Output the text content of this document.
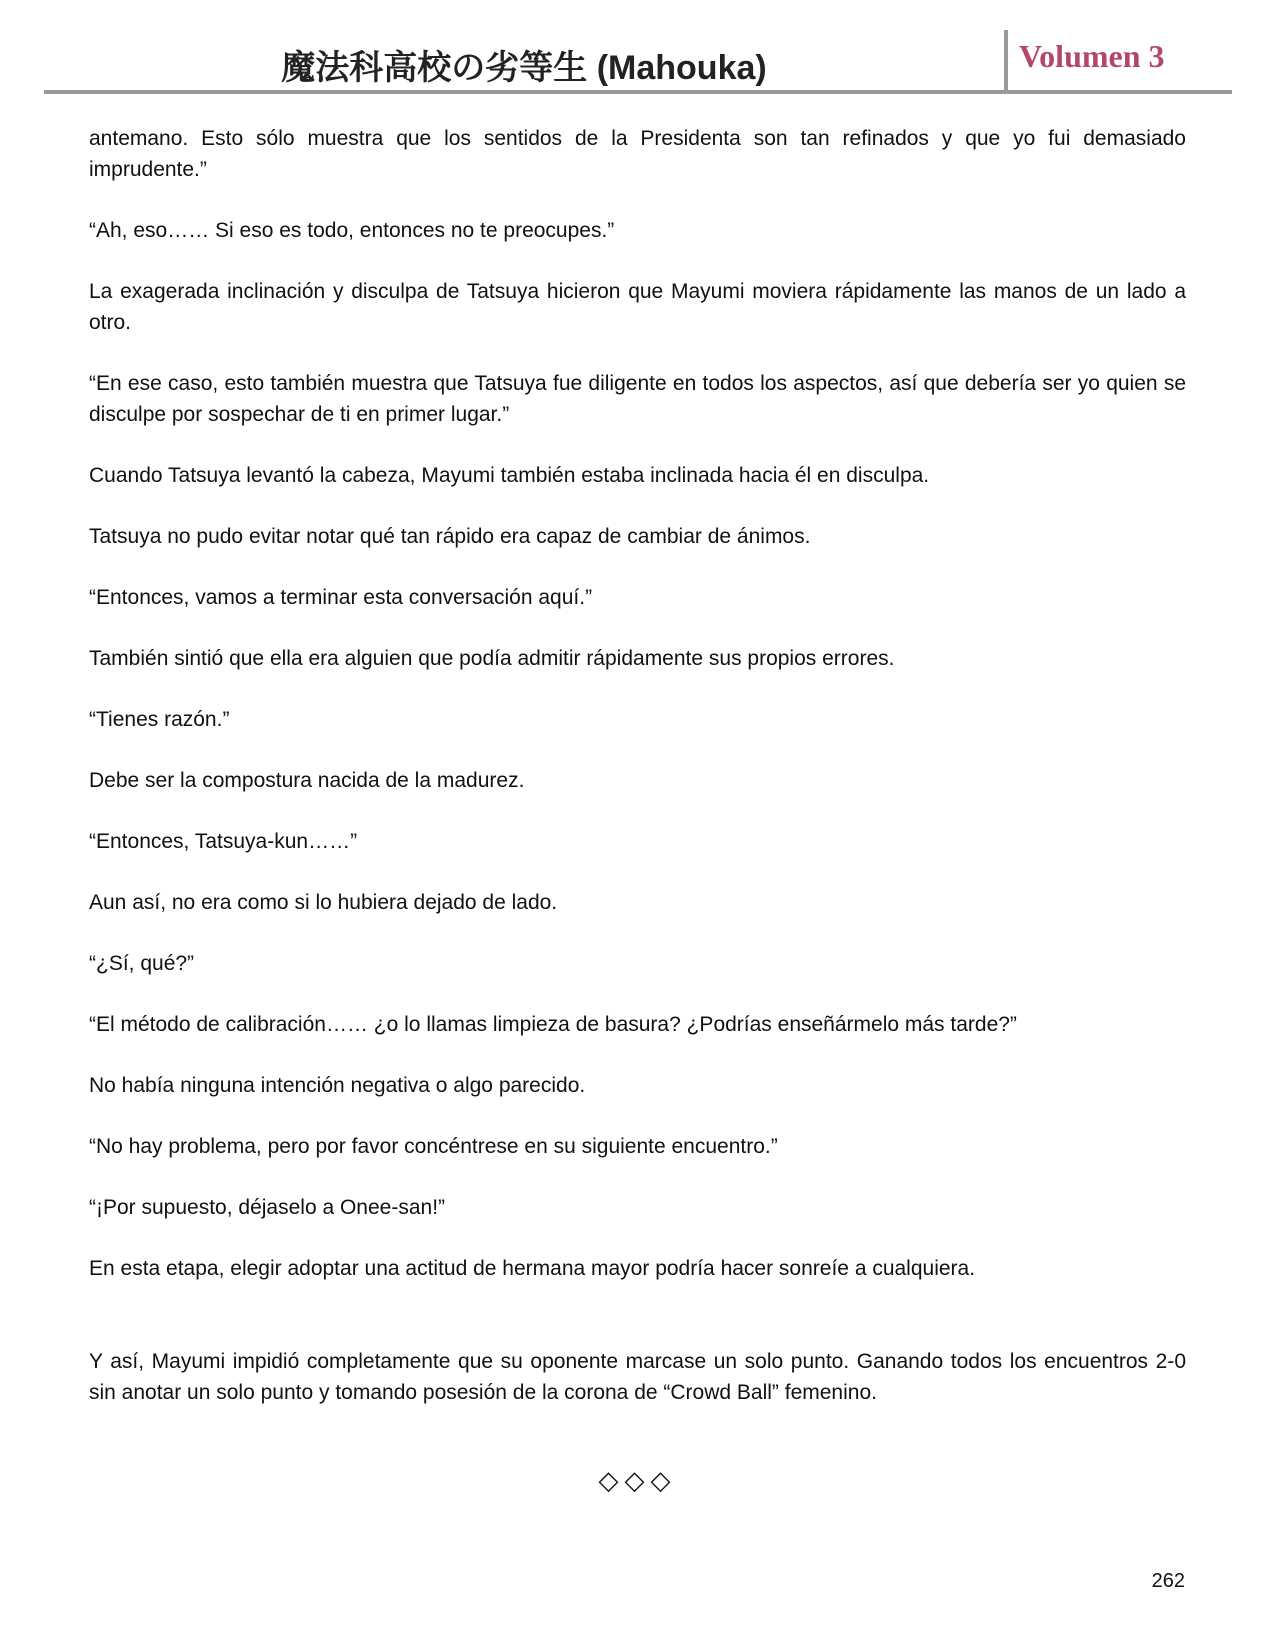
魔法科高校の劣等生 (Mahouka)	Volumen 3

antemano. Esto sólo muestra que los sentidos de la Presidenta son tan refinados y que yo fui demasiado imprudente.”

“Ah, eso…… Si eso es todo, entonces no te preocupes.”

La exagerada inclinación y disculpa de Tatsuya hicieron que Mayumi moviera rápidamente las manos de un lado a otro.

“En ese caso, esto también muestra que Tatsuya fue diligente en todos los aspectos, así que debería ser yo quien se disculpe por sospechar de ti en primer lugar.”

Cuando Tatsuya levantó la cabeza, Mayumi también estaba inclinada hacia él en disculpa.

Tatsuya no pudo evitar notar qué tan rápido era capaz de cambiar de ánimos.

“Entonces, vamos a terminar esta conversación aquí.”

También sintió que ella era alguien que podía admitir rápidamente sus propios errores.

“Tienes razón.”

Debe ser la compostura nacida de la madurez.

“Entonces, Tatsuya-kun……”

Aun así, no era como si lo hubiera dejado de lado.

“¿Sí, qué?”

“El método de calibración…… ¿o lo llamas limpieza de basura? ¿Podrías enseñármelo más tarde?”

No había ninguna intención negativa o algo parecido.

“No hay problema, pero por favor concéntrese en su siguiente encuentro.”

“¡Por supuesto, déjaselo a Onee-san!”

En esta etapa, elegir adoptar una actitud de hermana mayor podría hacer sonreíe a cualquiera.

Y así, Mayumi impidió completamente que su oponente marcase un solo punto. Ganando todos los encuentros 2-0 sin anotar un solo punto y tomando posesión de la corona de “Crowd Ball” femenino.

◇◇◇
262
